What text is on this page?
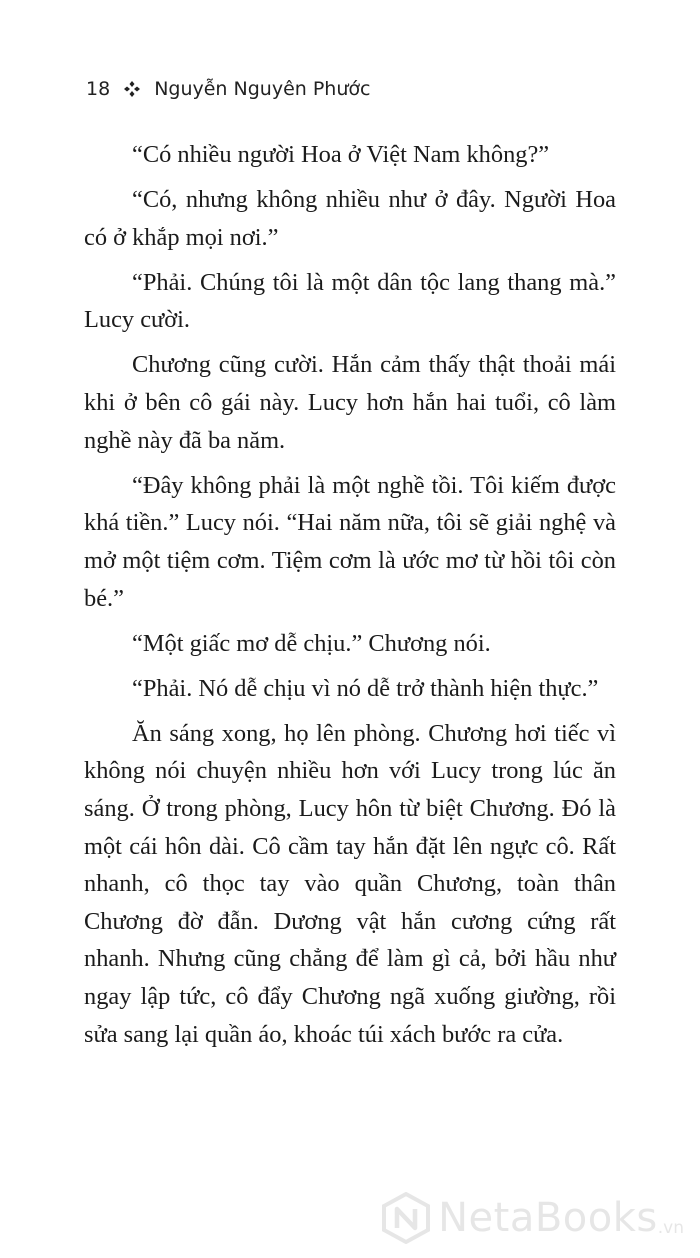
18 Nguyễn Nguyên Phước

“Có nhiều người Hoa ở Việt Nam không?”

“Có, nhưng không nhiều như ở đây. Người Hoa có ở khắp mọi nơi.”

“Phải. Chúng tôi là một dân tộc lang thang mà.” Lucy cười.

Chương cũng cười. Hắn cảm thấy thật thoải mái khi ở bên cô gái này. Lucy hơn hắn hai tuổi, cô làm nghề này đã ba năm.

“Đây không phải là một nghề tồi. Tôi kiếm được khá tiền.” Lucy nói. “Hai năm nữa, tôi sẽ giải nghệ và mở một tiệm cơm. Tiệm cơm là ước mơ từ hồi tôi còn bé.”

“Một giấc mơ dễ chịu.” Chương nói.

“Phải. Nó dễ chịu vì nó dễ trở thành hiện thực.”

Ăn sáng xong, họ lên phòng. Chương hơi tiếc vì không nói chuyện nhiều hơn với Lucy trong lúc ăn sáng. Ở trong phòng, Lucy hôn từ biệt Chương. Đó là một cái hôn dài. Cô cầm tay hắn đặt lên ngực cô. Rất nhanh, cô thọc tay vào quần Chương, toàn thân Chương đờ đẫn. Dương vật hắn cương cứng rất nhanh. Nhưng cũng chẳng để làm gì cả, bởi hầu như ngay lập tức, cô đẩy Chương ngã xuống giường, rồi sửa sang lại quần áo, khoác túi xách bước ra cửa.

NetaBooks .vn
